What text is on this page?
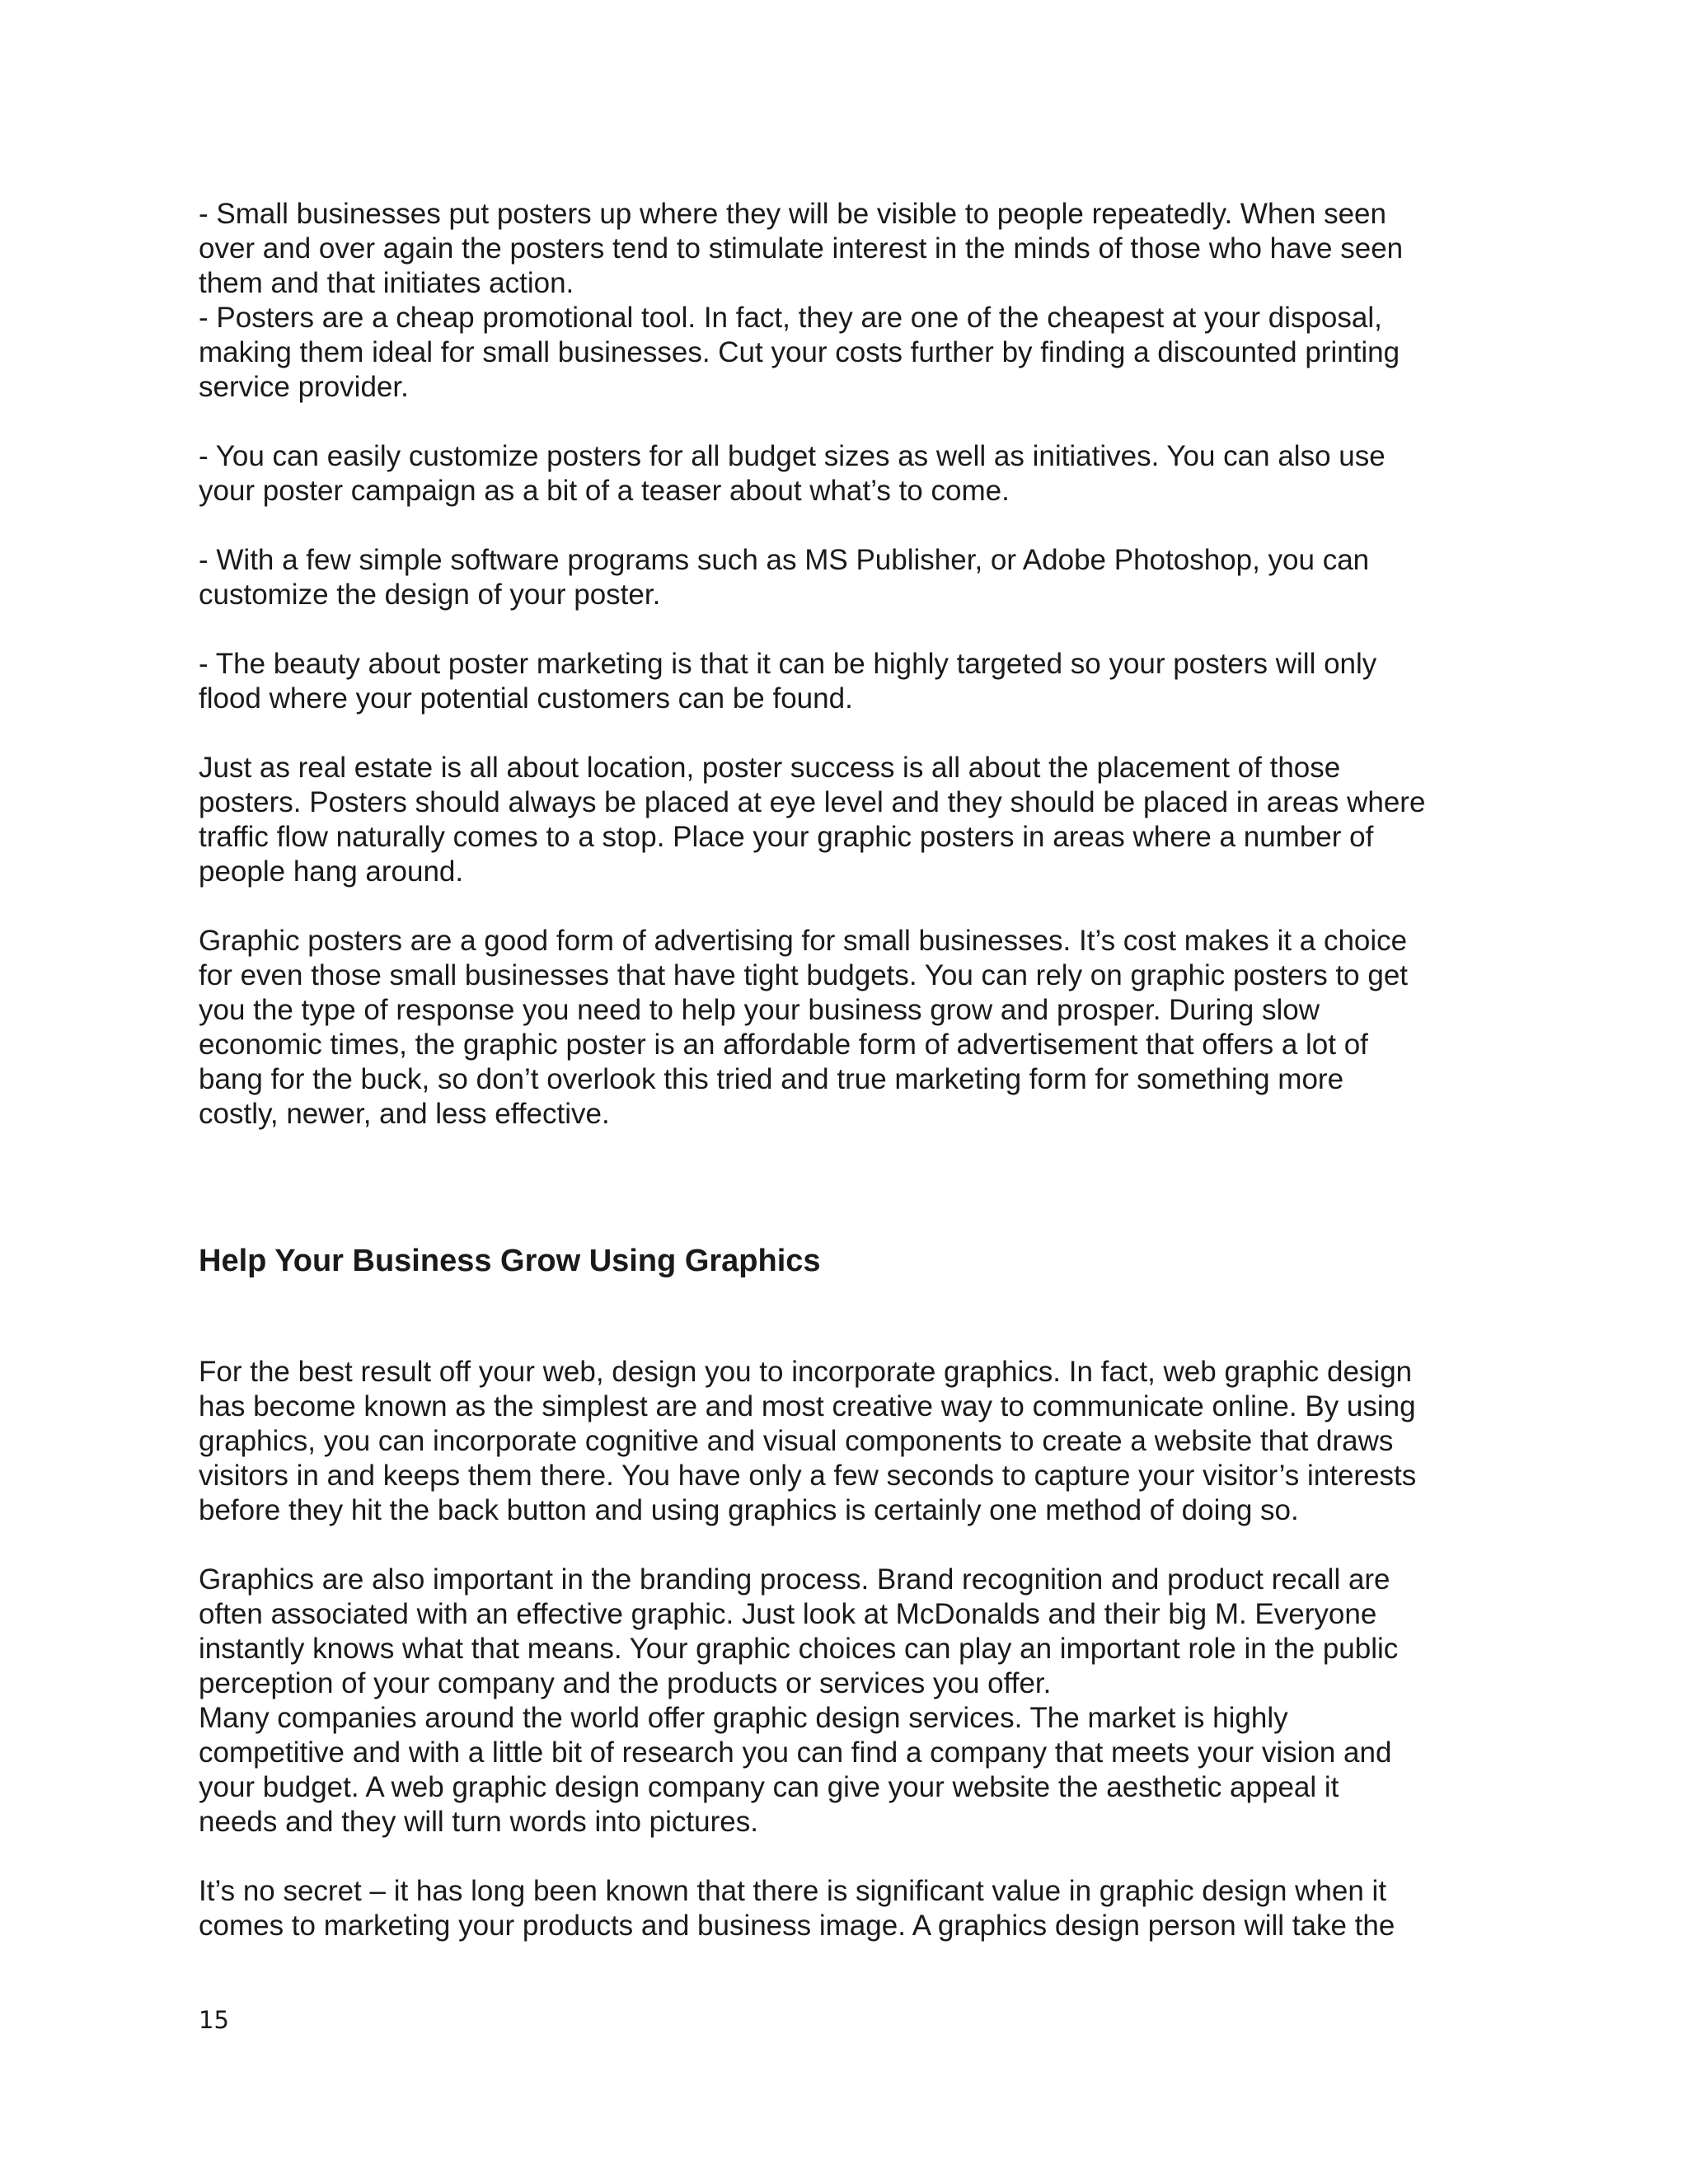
- Small businesses put posters up where they will be visible to people repeatedly. When seen

over and over again the posters tend to stimulate interest in the minds of those who have seen

them and that initiates action.

- Posters are a cheap promotional tool. In fact, they are one of the cheapest at your disposal,

making them ideal for small businesses. Cut your costs further by finding a discounted printing

service provider.

- You can easily customize posters for all budget sizes as well as initiatives. You can also use

your poster campaign as a bit of a teaser about what’s to come.

- With a few simple software programs such as MS Publisher, or Adobe Photoshop, you can

customize the design of your poster.

- The beauty about poster marketing is that it can be highly targeted so your posters will only

flood where your potential customers can be found.

Just as real estate is all about location, poster success is all about the placement of those

posters. Posters should always be placed at eye level and they should be placed in areas where

traffic flow naturally comes to a stop. Place your graphic posters in areas where a number of

people hang around.

Graphic posters are a good form of advertising for small businesses. It’s cost makes it a choice

for even those small businesses that have tight budgets. You can rely on graphic posters to get

you the type of response you need to help your business grow and prosper. During slow

economic times, the graphic poster is an affordable form of advertisement that offers a lot of

bang for the buck, so don’t overlook this tried and true marketing form for something more

costly, newer, and less effective.

Help Your Business Grow Using Graphics

For the best result off your web, design you to incorporate graphics. In fact, web graphic design

has become known as the simplest are and most creative way to communicate online. By using

graphics, you can incorporate cognitive and visual components to create a website that draws

visitors in and keeps them there. You have only a few seconds to capture your visitor’s interests

before they hit the back button and using graphics is certainly one method of doing so.

Graphics are also important in the branding process. Brand recognition and product recall are

often associated with an effective graphic. Just look at McDonalds and their big M. Everyone

instantly knows what that means. Your graphic choices can play an important role in the public

perception of your company and the products or services you offer.

Many companies around the world offer graphic design services. The market is highly

competitive and with a little bit of research you can find a company that meets your vision and

your budget. A web graphic design company can give your website the aesthetic appeal it

needs and they will turn words into pictures.

It’s no secret – it has long been known that there is significant value in graphic design when it

comes to marketing your products and business image. A graphics design person will take the

15
